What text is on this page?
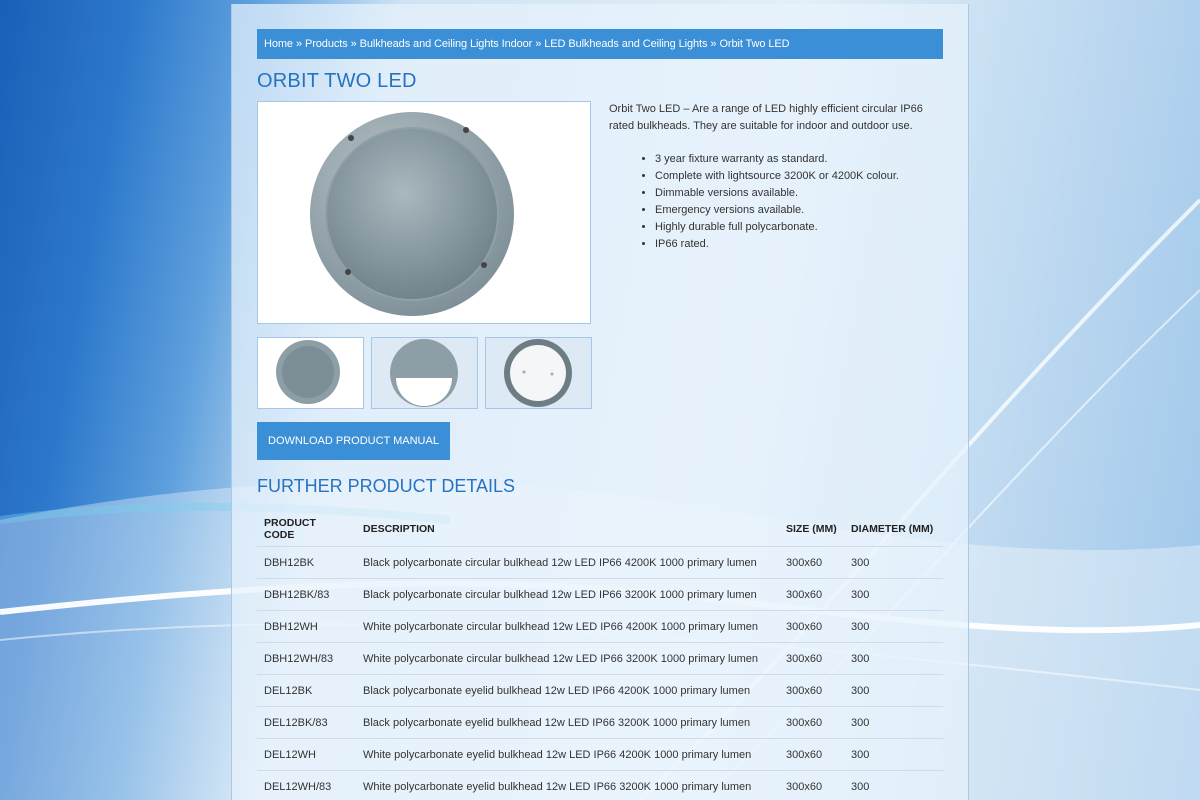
Home » Products » Bulkheads and Ceiling Lights Indoor » LED Bulkheads and Ceiling Lights » Orbit Two LED
ORBIT TWO LED
DOWNLOAD PRODUCT MANUAL

Orbit Two LED – Are a range of LED highly efficient circular IP66 rated bulkheads. They are suitable for indoor and outdoor use.

• 3 year fixture warranty as standard.
• Complete with lightsource 3200K or 4200K colour.
• Dimmable versions available.
• Emergency versions available.
• Highly durable full polycarbonate.
• IP66 rated.
FURTHER PRODUCT DETAILS
PRODUCT CODE	DESCRIPTION	SIZE (MM)	DIAMETER (MM)
DBH12BK	Black polycarbonate circular bulkhead 12w LED IP66 4200K 1000 primary lumen	300x60	300
DBH12BK/83	Black polycarbonate circular bulkhead 12w LED IP66 3200K 1000 primary lumen	300x60	300
DBH12WH	White polycarbonate circular bulkhead 12w LED IP66 4200K 1000 primary lumen	300x60	300
DBH12WH/83	White polycarbonate circular bulkhead 12w LED IP66 3200K 1000 primary lumen	300x60	300
DEL12BK	Black polycarbonate eyelid bulkhead 12w LED IP66 4200K 1000 primary lumen	300x60	300
DEL12BK/83	Black polycarbonate eyelid bulkhead 12w LED IP66 3200K 1000 primary lumen	300x60	300
DEL12WH	White polycarbonate eyelid bulkhead 12w LED IP66 4200K 1000 primary lumen	300x60	300
DEL12WH/83	White polycarbonate eyelid bulkhead 12w LED IP66 3200K 1000 primary lumen	300x60	300
